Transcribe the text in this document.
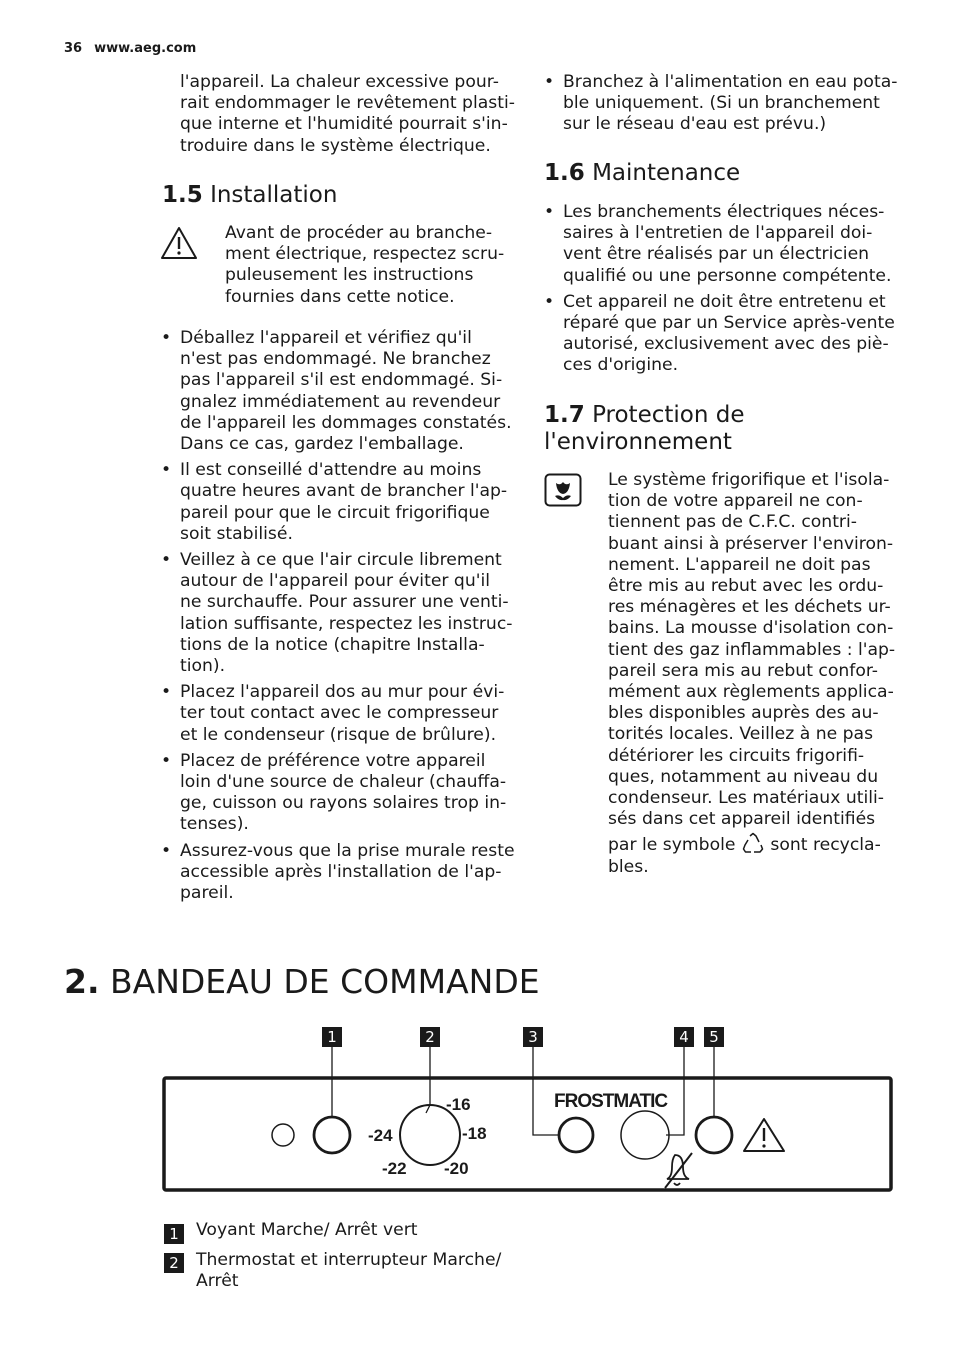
36 www.aeg.com

l'appareil. La chaleur excessive pour-

rait endommager le revêtement plasti-

que interne et l'humidité pourrait s'in-

troduire dans le système électrique.

1.5 Installation

Avant de procéder au branche-

ment électrique, respectez scru-

puleusement les instructions

fournies dans cette notice.

• Déballez l'appareil et vérifiez qu'il

n'est pas endommagé. Ne branchez

pas l'appareil s'il est endommagé. Si-

gnalez immédiatement au revendeur

de l'appareil les dommages constatés.

Dans ce cas, gardez l'emballage.

• Il est conseillé d'attendre au moins

quatre heures avant de brancher l'ap-

pareil pour que le circuit frigorifique

soit stabilisé.

• Veillez à ce que l'air circule librement

autour de l'appareil pour éviter qu'il

ne surchauffe. Pour assurer une venti-

lation suffisante, respectez les instruc-

tions de la notice (chapitre Installa-

tion).

• Placez l'appareil dos au mur pour évi-

ter tout contact avec le compresseur

et le condenseur (risque de brûlure).

• Placez de préférence votre appareil

loin d'une source de chaleur (chauffa-

ge, cuisson ou rayons solaires trop in-

tenses).

• Assurez-vous que la prise murale reste

accessible après l'installation de l'ap-

pareil.

• Branchez à l'alimentation en eau pota-

ble uniquement. (Si un branchement

sur le réseau d'eau est prévu.)

1.6 Maintenance
• Les branchements électriques néces-

saires à l'entretien de l'appareil doi-

vent être réalisés par un électricien

qualifié ou une personne compétente.

• Cet appareil ne doit être entretenu et

réparé que par un Service après-vente

autorisé, exclusivement avec des piè-

ces d'origine.

1.7 Protection de
l'environnement

Le système frigorifique et l'isola-

tion de votre appareil ne con-

tiennent pas de C.F.C. contri-

buant ainsi à préserver l'environ-

nement. L'appareil ne doit pas

être mis au rebut avec les ordu-

res ménagères et les déchets ur-

bains. La mousse d'isolation con-

tient des gaz inflammables : l'ap-

pareil sera mis au rebut confor-

mément aux règlements applica-

bles disponibles auprès des au-

torités locales. Veillez à ne pas

détériorer les circuits frigorifi-

ques, notamment au niveau du

condenseur. Les matériaux utili-

sés dans cet appareil identifiés

par le symbole sont recycla-

bles.

2. BANDEAU DE COMMANDE
1	2	3	4	5
FROSTMATIC
-16
-18
-20
-22
-24
1	Voyant Marche/ Arrêt vert

2	Thermostat et interrupteur Marche/

Arrêt
